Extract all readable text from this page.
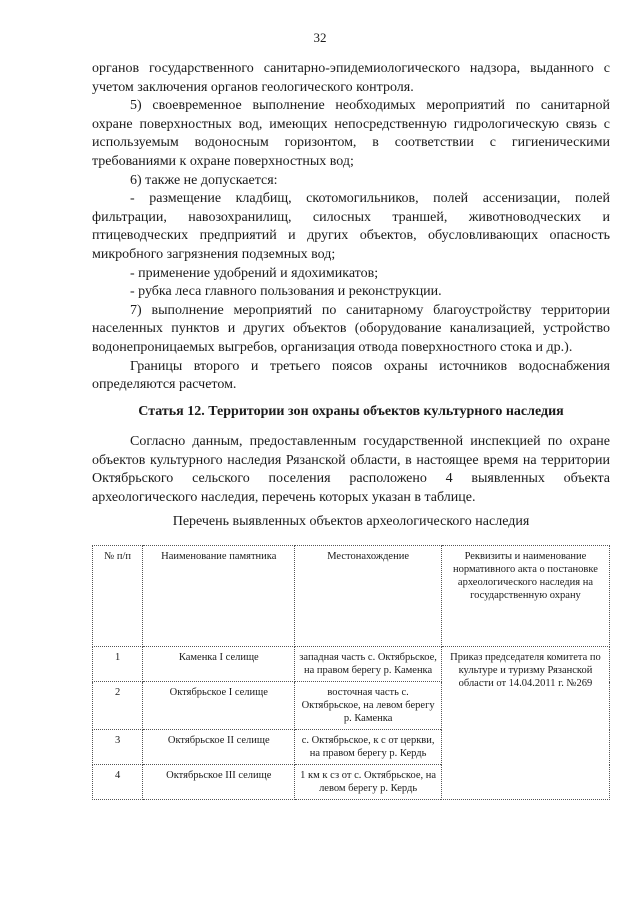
32

органов государственного санитарно-эпидемиологического надзора, выданного с учетом заключения органов геологического контроля.

5) своевременное выполнение необходимых мероприятий по санитарной охране поверхностных вод, имеющих непосредственную гидрологическую связь с используемым водоносным горизонтом, в соответствии с гигиеническими требованиями к охране поверхностных вод;

6) также не допускается:

- размещение кладбищ, скотомогильников, полей ассенизации, полей фильтрации, навозохранилищ, силосных траншей, животноводческих и птицеводческих предприятий и других объектов, обусловливающих опасность микробного загрязнения подземных вод;

- применение удобрений и ядохимикатов;

- рубка леса главного пользования и реконструкции.

7) выполнение мероприятий по санитарному благоустройству территории населенных пунктов и других объектов (оборудование канализацией, устройство водонепроницаемых выгребов, организация отвода поверхностного стока и др.).

Границы второго и третьего поясов охраны источников водоснабжения определяются расчетом.

Статья 12. Территории зон охраны объектов культурного наследия

Согласно данным, предоставленным государственной инспекцией по охране объектов культурного наследия Рязанской области, в настоящее время на территории Октябрьского сельского поселения расположено 4 выявленных объекта археологического наследия, перечень которых указан в таблице.

Перечень выявленных объектов археологического наследия
№ п/п	Наименование памятника	Местонахождение	Реквизиты и наименование нормативного акта о постановке археологического наследия на государственную охрану
1	Каменка I селище	западная часть с. Октябрьское, на правом берегу р. Каменка	Приказ председателя комитета по культуре и туризму Рязанской области от 14.04.2011 г. №269
2	Октябрьское I селище	восточная часть с. Октябрьское, на левом берегу р. Каменка	
3	Октябрьское II селище	с. Октябрьское, к с от церкви, на правом берегу р. Кердь	
4	Октябрьское III селище	1 км к сз от с. Октябрьское, на левом берегу р. Кердь	
